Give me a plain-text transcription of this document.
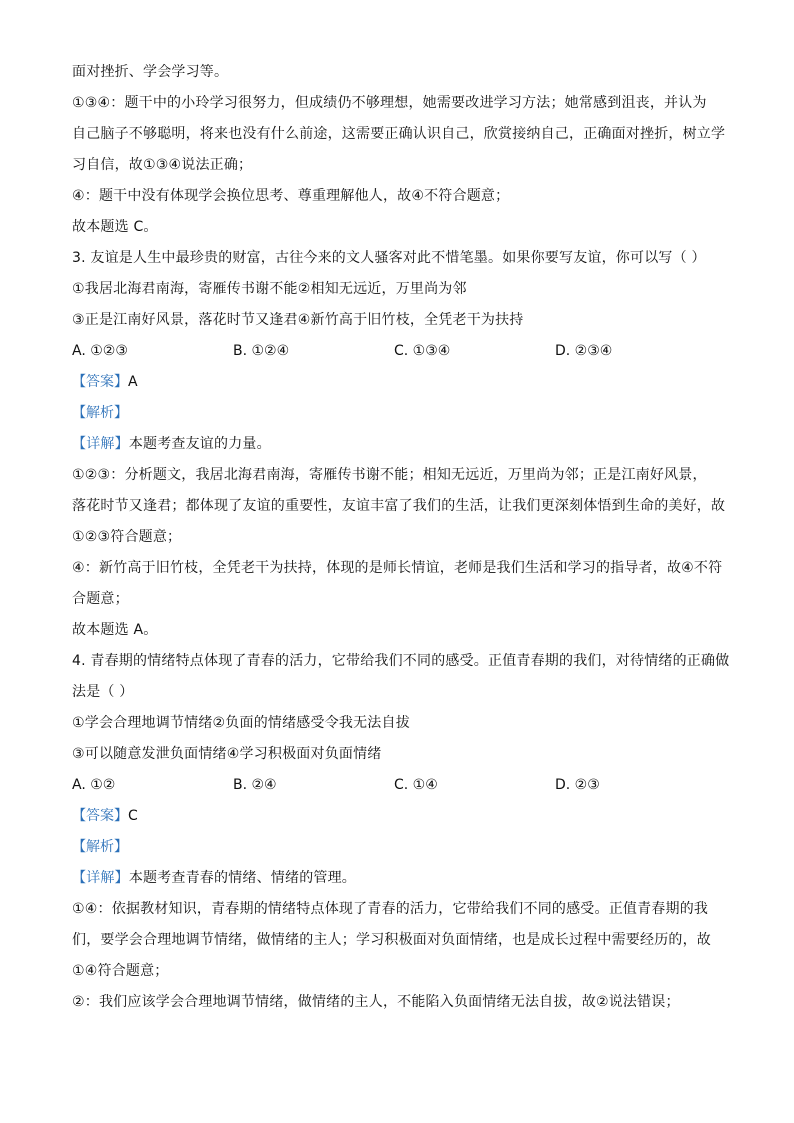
面对挫折、学会学习等。
①③④：题干中的小玲学习很努力，但成绩仍不够理想，她需要改进学习方法；她常感到沮丧，并认为
自己脑子不够聪明，将来也没有什么前途，这需要正确认识自己，欣赏接纳自己，正确面对挫折，树立学
习自信，故①③④说法正确；
④：题干中没有体现学会换位思考、尊重理解他人，故④不符合题意；
故本题选 C。
3. 友谊是人生中最珍贵的财富，古往今来的文人骚客对此不惜笔墨。如果你要写友谊，你可以写（ ）
①我居北海君南海，寄雁传书谢不能②相知无远近，万里尚为邻
③正是江南好风景，落花时节又逢君④新竹高于旧竹枝，全凭老干为扶持
A. ①②③	B. ①②④	C. ①③④	D. ②③④
【答案】A
【解析】
【详解】本题考查友谊的力量。
①②③：分析题文，我居北海君南海，寄雁传书谢不能；相知无远近，万里尚为邻；正是江南好风景，
落花时节又逢君；都体现了友谊的重要性，友谊丰富了我们的生活，让我们更深刻体悟到生命的美好，故
①②③符合题意；
④：新竹高于旧竹枝，全凭老干为扶持，体现的是师长情谊，老师是我们生活和学习的指导者，故④不符
合题意；
故本题选 A。
4. 青春期的情绪特点体现了青春的活力，它带给我们不同的感受。正值青春期的我们，对待情绪的正确做
法是（ ）
①学会合理地调节情绪②负面的情绪感受令我无法自拔
③可以随意发泄负面情绪④学习积极面对负面情绪
A. ①②	B. ②④	C. ①④	D. ②③
【答案】C
【解析】
【详解】本题考查青春的情绪、情绪的管理。
①④：依据教材知识，青春期的情绪特点体现了青春的活力，它带给我们不同的感受。正值青春期的我
们，要学会合理地调节情绪，做情绪的主人；学习积极面对负面情绪，也是成长过程中需要经历的，故
①④符合题意；
②：我们应该学会合理地调节情绪，做情绪的主人，不能陷入负面情绪无法自拔，故②说法错误；
